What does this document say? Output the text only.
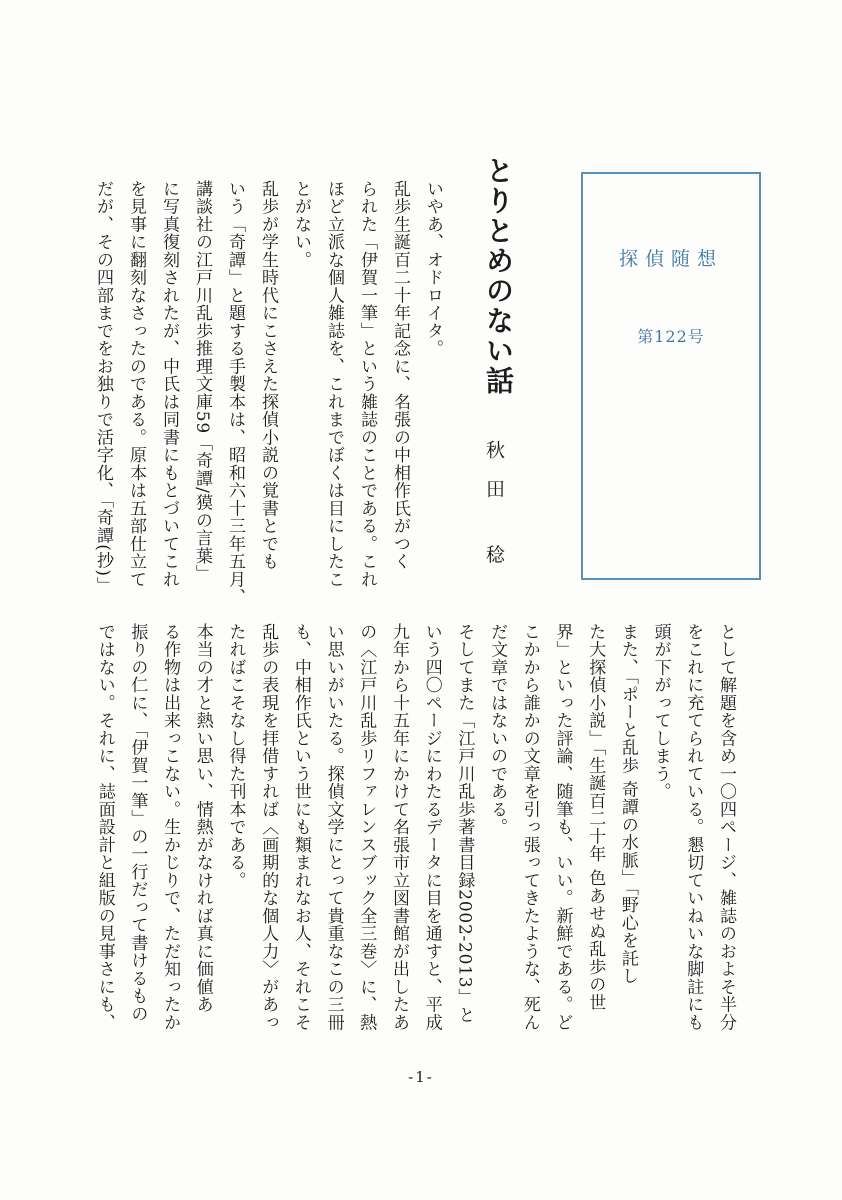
探偵随想
第122号
とりとめのない話
秋田 稔
いやあ、オドロイタ。
乱歩生誕百二十年記念に、名張の中相作氏がつく
られた「伊賀一筆」という雑誌のことである。これ
ほど立派な個人雑誌を、これまでぼくは目にしたこ
とがない。
乱歩が学生時代にこさえた探偵小説の覚書とでも
いう「奇譚」と題する手製本は、昭和六十三年五月、
講談社の江戸川乱歩推理文庫59「奇譚/獏の言葉」
に写真復刻されたが、中氏は同書にもとづいてこれ
を見事に翻刻なさったのである。原本は五部仕立て
だが、その四部までをお独りで活字化、「奇譚(抄)」
として解題を含め一〇四ページ、雑誌のおよそ半分
をこれに充てられている。懇切ていねいな脚註にも
頭が下がってしまう。
また、「ポーと乱歩 奇譚の水脈」「野心を託し
た大探偵小説」「生誕百二十年 色あせぬ乱歩の世
界」といった評論、随筆も、いい。新鮮である。ど
こかから誰かの文章を引っ張ってきたような、死ん
だ文章ではないのである。
そしてまた「江戸川乱歩著書目録2002-2013」と
いう四〇ページにわたるデータに目を通すと、平成
九年から十五年にかけて名張市立図書館が出したあ
の〈江戸川乱歩リファレンスブック全三巻〉に、熱
い思いがいたる。探偵文学にとって貴重なこの三冊
も、中相作氏という世にも類まれなお人、それこそ
乱歩の表現を拝借すれば〈画期的な個人力〉があっ
たればこそなし得た刊本である。
本当の才と熱い思い、情熱がなければ真に価値あ
る作物は出来っこない。生かじりで、ただ知ったか
振りの仁に、「伊賀一筆」の一行だって書けるもの
ではない。それに、誌面設計と組版の見事さにも、
-1-
